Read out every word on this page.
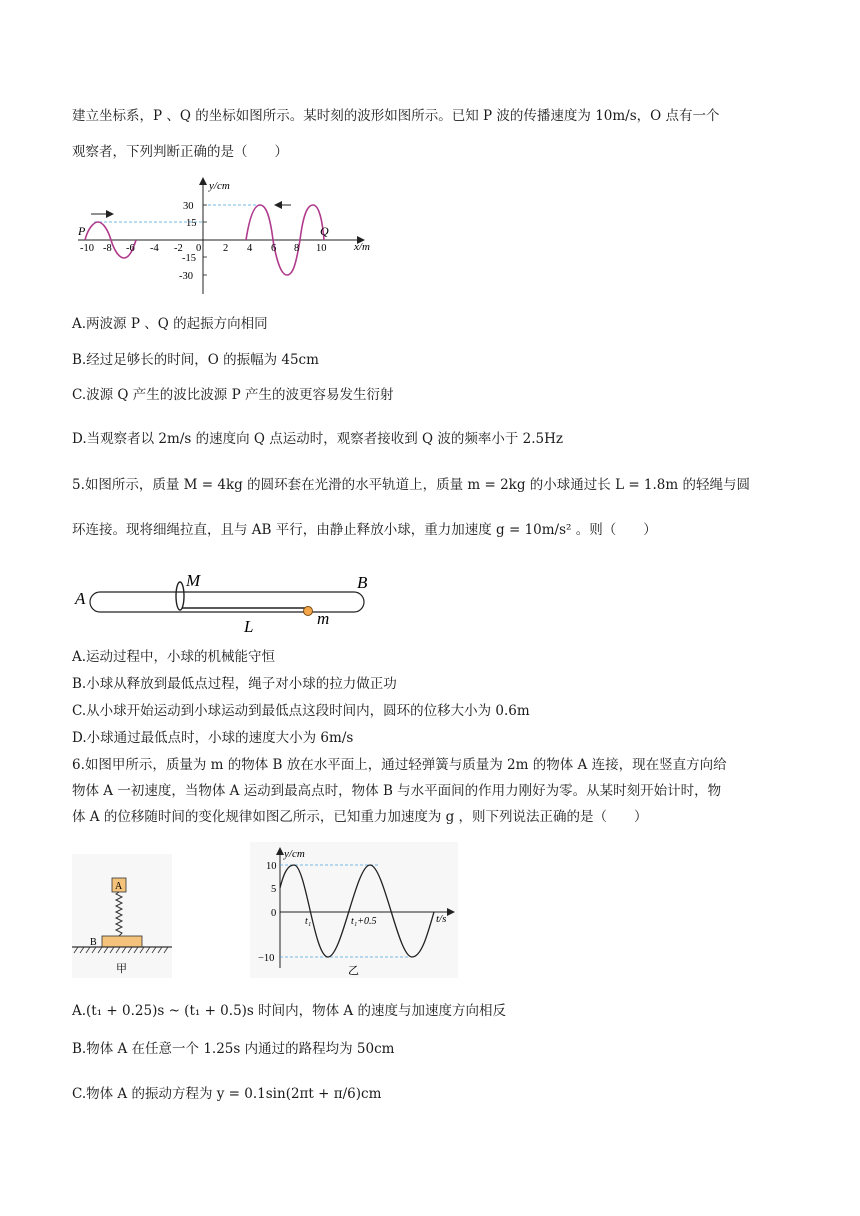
建立坐标系，P 、Q 的坐标如图所示。某时刻的波形如图所示。已知 P 波的传播速度为 10m/s，O 点有一个
观察者，下列判断正确的是（　　）
y/cm
x/m
30
15
0
-15
-30
-10 -8 -6 -4 -2	2 4 6 8 10
P	Q
A.两波源 P 、Q 的起振方向相同
B.经过足够长的时间，O 的振幅为 45cm
C.波源 Q 产生的波比波源 P 产生的波更容易发生衍射
D.当观察者以 2m/s 的速度向 Q 点运动时，观察者接收到 Q 波的频率小于 2.5Hz
5.如图所示，质量 M = 4kg 的圆环套在光滑的水平轨道上，质量 m = 2kg 的小球通过长 L = 1.8m 的轻绳与圆
环连接。现将细绳拉直，且与 AB 平行，由静止释放小球，重力加速度 g = 10m/s² 。则（　　）
A
B
M
L	m
A.运动过程中，小球的机械能守恒
B.小球从释放到最低点过程，绳子对小球的拉力做正功
C.从小球开始运动到小球运动到最低点这段时间内，圆环的位移大小为 0.6m
D.小球通过最低点时，小球的速度大小为 6m/s
6.如图甲所示，质量为 m 的物体 B 放在水平面上，通过轻弹簧与质量为 2m 的物体 A 连接，现在竖直方向给
物体 A 一初速度，当物体 A 运动到最高点时，物体 B 与水平面间的作用力刚好为零。从某时刻开始计时，物
体 A 的位移随时间的变化规律如图乙所示，已知重力加速度为 g ，则下列说法正确的是（　　）
A
B
甲
y/cm
t/s
10
5
0
−10
t₁	t₁+0.5
乙
A.(t₁ + 0.25)s ~ (t₁ + 0.5)s 时间内，物体 A 的速度与加速度方向相反
B.物体 A 在任意一个 1.25s 内通过的路程均为 50cm
C.物体 A 的振动方程为 y = 0.1sin(2πt + π/6)cm
